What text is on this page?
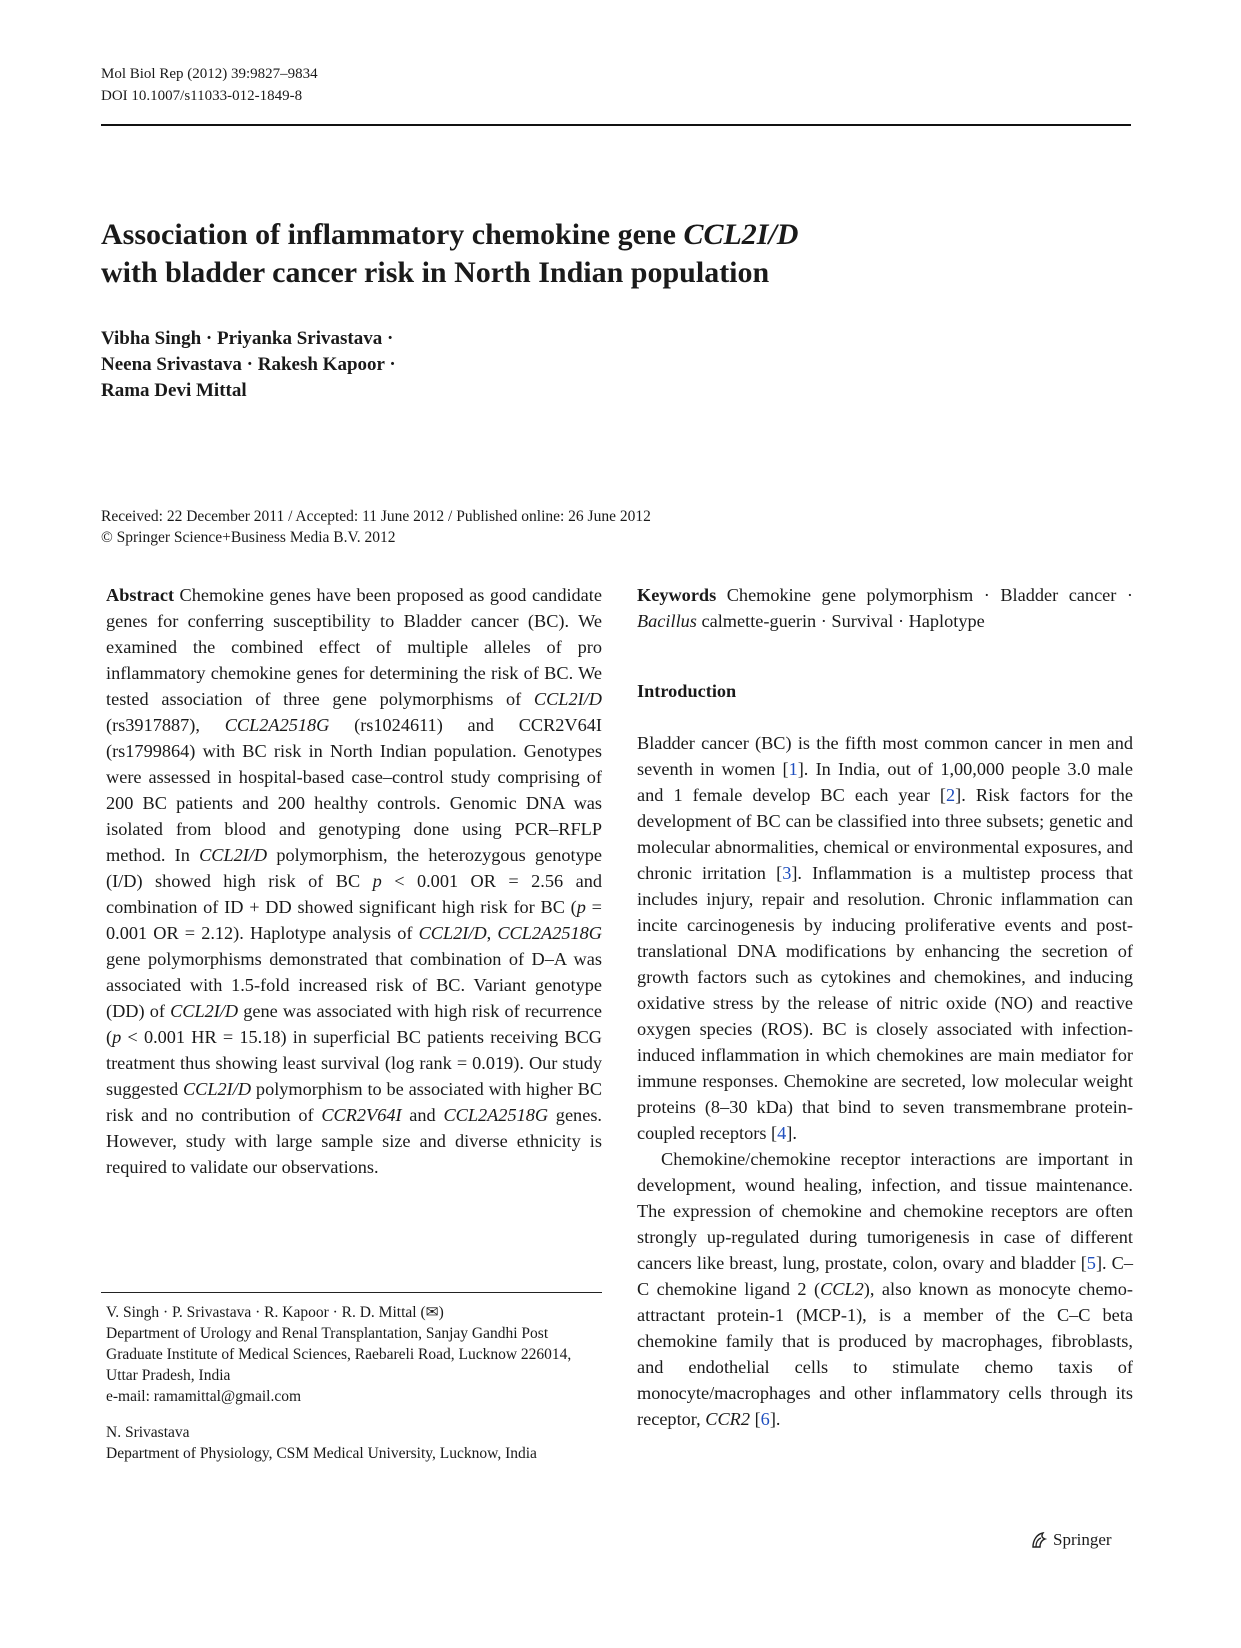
Mol Biol Rep (2012) 39:9827–9834
DOI 10.1007/s11033-012-1849-8
Association of inflammatory chemokine gene CCL2I/D
with bladder cancer risk in North Indian population
Vibha Singh · Priyanka Srivastava ·
Neena Srivastava · Rakesh Kapoor ·
Rama Devi Mittal
Received: 22 December 2011 / Accepted: 11 June 2012 / Published online: 26 June 2012
© Springer Science+Business Media B.V. 2012

Abstract Chemokine genes have been proposed as good candidate genes for conferring susceptibility to Bladder cancer (BC). We examined the combined effect of multiple alleles of pro inflammatory chemokine genes for determining the risk of BC. We tested association of three gene polymorphisms of CCL2I/D (rs3917887), CCL2A2518G (rs1024611) and CCR2V64I (rs1799864) with BC risk in North Indian population. Genotypes were assessed in hospital-based case–control study comprising of 200 BC patients and 200 healthy controls. Genomic DNA was isolated from blood and genotyping done using PCR–RFLP method. In CCL2I/D polymorphism, the heterozygous genotype (I/D) showed high risk of BC p < 0.001 OR = 2.56 and combination of ID + DD showed significant high risk for BC (p = 0.001 OR = 2.12). Haplotype analysis of CCL2I/D, CCL2A2518G gene polymorphisms demonstrated that combination of D–A was associated with 1.5-fold increased risk of BC. Variant genotype (DD) of CCL2I/D gene was associated with high risk of recurrence (p < 0.001 HR = 15.18) in superficial BC patients receiving BCG treatment thus showing least survival (log rank = 0.019). Our study suggested CCL2I/D polymorphism to be associated with higher BC risk and no contribution of CCR2V64I and CCL2A2518G genes. However, study with large sample size and diverse ethnicity is required to validate our observations.

V. Singh · P. Srivastava · R. Kapoor · R. D. Mittal (✉)
Department of Urology and Renal Transplantation, Sanjay Gandhi Post Graduate Institute of Medical Sciences, Raebareli Road, Lucknow 226014, Uttar Pradesh, India
e-mail: ramamittal@gmail.com
N. Srivastava
Department of Physiology, CSM Medical University, Lucknow, India

Keywords Chemokine gene polymorphism · Bladder cancer · Bacillus calmette-guerin · Survival · Haplotype

Introduction

Bladder cancer (BC) is the fifth most common cancer in men and seventh in women [1]. In India, out of 1,00,000 people 3.0 male and 1 female develop BC each year [2]. Risk factors for the development of BC can be classified into three subsets; genetic and molecular abnormalities, chemical or environmental exposures, and chronic irritation [3]. Inflammation is a multistep process that includes injury, repair and resolution. Chronic inflammation can incite carcinogenesis by inducing proliferative events and post-translational DNA modifications by enhancing the secretion of growth factors such as cytokines and chemokines, and inducing oxidative stress by the release of nitric oxide (NO) and reactive oxygen species (ROS). BC is closely associated with infection-induced inflammation in which chemokines are main mediator for immune responses. Chemokine are secreted, low molecular weight proteins (8–30 kDa) that bind to seven transmembrane protein-coupled receptors [4].

Chemokine/chemokine receptor interactions are important in development, wound healing, infection, and tissue maintenance. The expression of chemokine and chemokine receptors are often strongly up-regulated during tumorigenesis in case of different cancers like breast, lung, prostate, colon, ovary and bladder [5]. C–C chemokine ligand 2 (CCL2), also known as monocyte chemo-attractant protein-1 (MCP-1), is a member of the C–C beta chemokine family that is produced by macrophages, fibroblasts, and endothelial cells to stimulate chemo taxis of monocyte/macrophages and other inflammatory cells through its receptor, CCR2 [6].

Springer
